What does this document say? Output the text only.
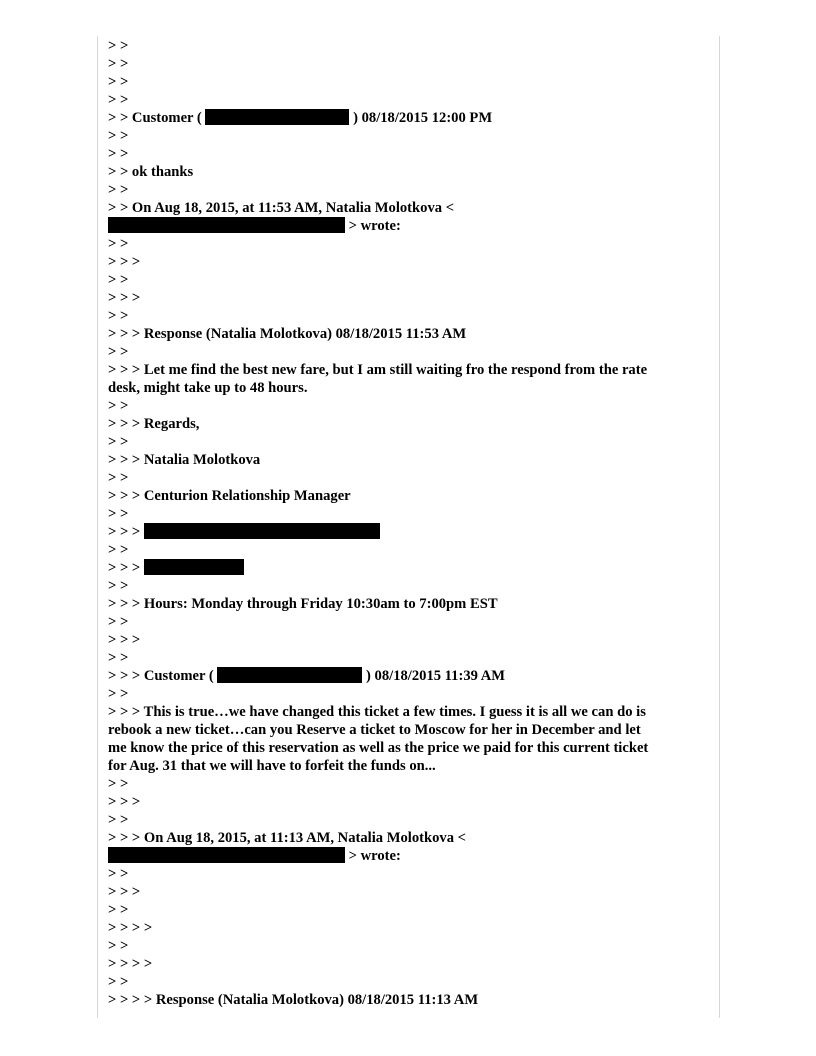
> >
> >
> >
> >
> > Customer (	) 08/18/2015 12:00 PM
> >
> >
> > ok thanks
> >
> > On Aug 18, 2015, at 11:53 AM, Natalia Molotkova <
> wrote:
> >
> > >
> >
> > >
> >
> > > Response (Natalia Molotkova) 08/18/2015 11:53 AM
> >
> > > Let me find the best new fare, but I am still waiting fro the respond from the rate
desk, might take up to 48 hours.
> >
> > > Regards,
> >
> > > Natalia Molotkova
> >
> > > Centurion Relationship Manager
> >
> > >
> >
> > >
> >
> > > Hours: Monday through Friday 10:30am to 7:00pm EST
> >
> > >
> >
> > > Customer (	) 08/18/2015 11:39 AM
> >
> > > This is true…we have changed this ticket a few times. I guess it is all we can do is
rebook a new ticket…can you Reserve a ticket to Moscow for her in December and let
me know the price of this reservation as well as the price we paid for this current ticket
for Aug. 31 that we will have to forfeit the funds on...
> >
> > >
> >
> > > On Aug 18, 2015, at 11:13 AM, Natalia Molotkova <
> wrote:
> >
> > >
> >
> > > >
> >
> > > >
> >
> > > > Response (Natalia Molotkova) 08/18/2015 11:13 AM
